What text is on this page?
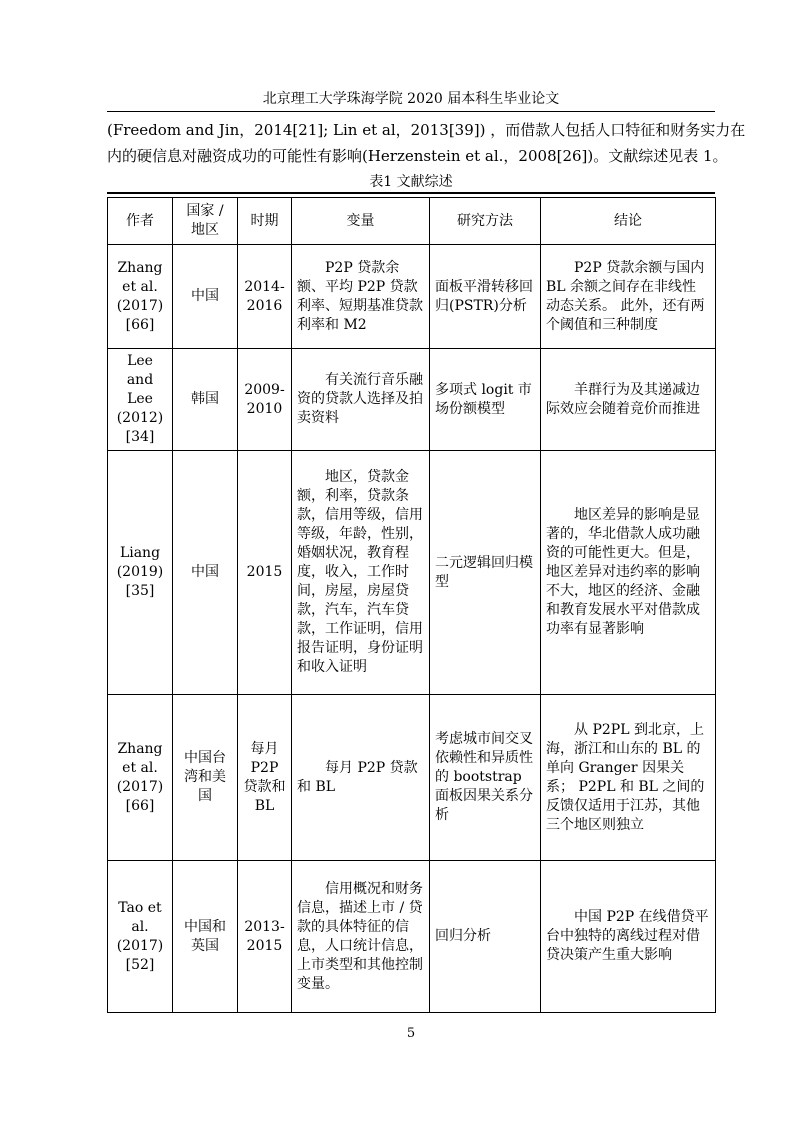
北京理工大学珠海学院 2020 届本科生毕业论文
(Freedom and Jin，2014[21]; Lin et al，2013[39]) ，而借款人包括人口特征和财务实力在
内的硬信息对融资成功的可能性有影响(Herzenstein et al.，2008[26])。文献综述见表 1。
表1 文献综述
作者	国家 / 地区	时期	变量	研究方法	结论
Zhang et al. (2017) [66]	中国	2014-2016	P2P 贷款余额、平均 P2P 贷款利率、短期基准贷款利率和 M2	面板平滑转移回归(PSTR)分析	P2P 贷款余额与国内 BL 余额之间存在非线性动态关系。 此外，还有两个阈值和三种制度
Lee and Lee (2012) [34]	韩国	2009-2010	有关流行音乐融资的贷款人选择及拍卖资料	多项式 logit 市场份额模型	羊群行为及其递减边际效应会随着竞价而推进
Liang (2019) [35]	中国	2015	地区，贷款金额，利率，贷款条款，信用等级，信用等级，年龄，性别，婚姻状况，教育程度，收入，工作时间，房屋，房屋贷款，汽车，汽车贷款，工作证明，信用报告证明，身份证明和收入证明	二元逻辑回归模型	地区差异的影响是显著的，华北借款人成功融资的可能性更大。但是，地区差异对违约率的影响不大，地区的经济、金融和教育发展水平对借款成功率有显著影响
Zhang et al. (2017) [66]	中国台湾和美国	每月 P2P 贷款和 BL	每月 P2P 贷款和 BL	考虑城市间交叉依赖性和异质性的 bootstrap 面板因果关系分析	从 P2PL 到北京，上海，浙江和山东的 BL 的单向 Granger 因果关系； P2PL 和 BL 之间的反馈仅适用于江苏，其他三个地区则独立
Tao et al. (2017) [52]	中国和英国	2013-2015	信用概况和财务信息，描述上市 / 贷款的具体特征的信息，人口统计信息，上市类型和其他控制变量。	回归分析	中国 P2P 在线借贷平台中独特的离线过程对借贷决策产生重大影响
5
